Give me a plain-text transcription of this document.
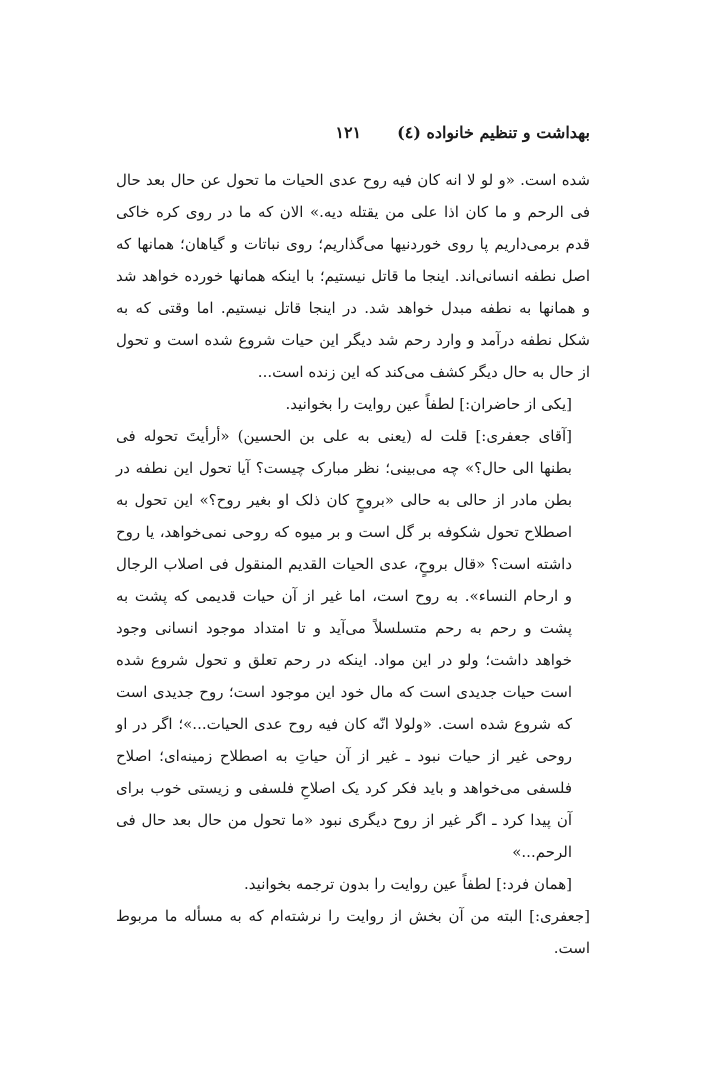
بهداشت و تنظیم خانواده (٤)
١٢١

شده است. «و لو لا انه کان فیه روح عدی الحیات ما تحول عن حال بعد حال فی الرحم و ما کان اذا علی من یقتله دیه.» الان که ما در روی کره خاکی قدم برمی‌داریم پا روی خوردنیها می‌گذاریم؛ روی نباتات و گیاهان؛ همانها که اصل نطفه انسانی‌اند. اینجا ما قاتل نیستیم؛ با اینکه همانها خورده خواهد شد و همانها به نطفه مبدل خواهد شد. در اینجا قاتل نیستیم. اما وقتی که به شکل نطفه درآمد و وارد رحم شد دیگر این حیات شروع شده است و تحول از حال به حال دیگر کشف می‌کند که این زنده است...

[یکی از حاضران:] لطفاً عین روایت را بخوانید.

[آقای جعفری:] قلت له (یعنی به علی بن الحسین) «أرأیتَ تحوله فی بطنها الی حال؟» چه می‌بینی؛ نظر مبارک چیست؟ آیا تحول این نطفه در بطن مادر از حالی به حالی «بروحٍ کان ذلک او بغیر روح؟» این تحول به اصطلاح تحول شکوفه بر گل است و بر میوه که روحی نمی‌خواهد، یا روح داشته است؟ «قال بروحٍ، عدی الحیات القدیم المنقول فی اصلاب الرجال و ارحام النساء». به روح است، اما غیر از آن حیات قدیمی که پشت به پشت و رحم به رحم متسلسلاً می‌آید و تا امتداد موجود انسانی وجود خواهد داشت؛ ولو در این مواد. اینکه در رحم تعلق و تحول شروع شده است حیات جدیدی است که مال خود این موجود است؛ روح جدیدی است که شروع شده است. «ولولا انّه کان فیه روح عدی الحیات...»؛ اگر در او روحی غیر از حیات نبود ـ غیر از آن حیاتِ به اصطلاح زمینه‌ای؛ اصلاح فلسفی می‌خواهد و باید فکر کرد یک اصلاحِ فلسفی و زیستی خوب برای آن پیدا کرد ـ اگر غیر از روح دیگری نبود «ما تحول من حال بعد حال فی الرحم...»

[همان فرد:] لطفاً عین روایت را بدون ترجمه بخوانید.

[جعفری:] البته من آن بخش از روایت را نرشته‌ام که به مسأله ما مربوط است.
